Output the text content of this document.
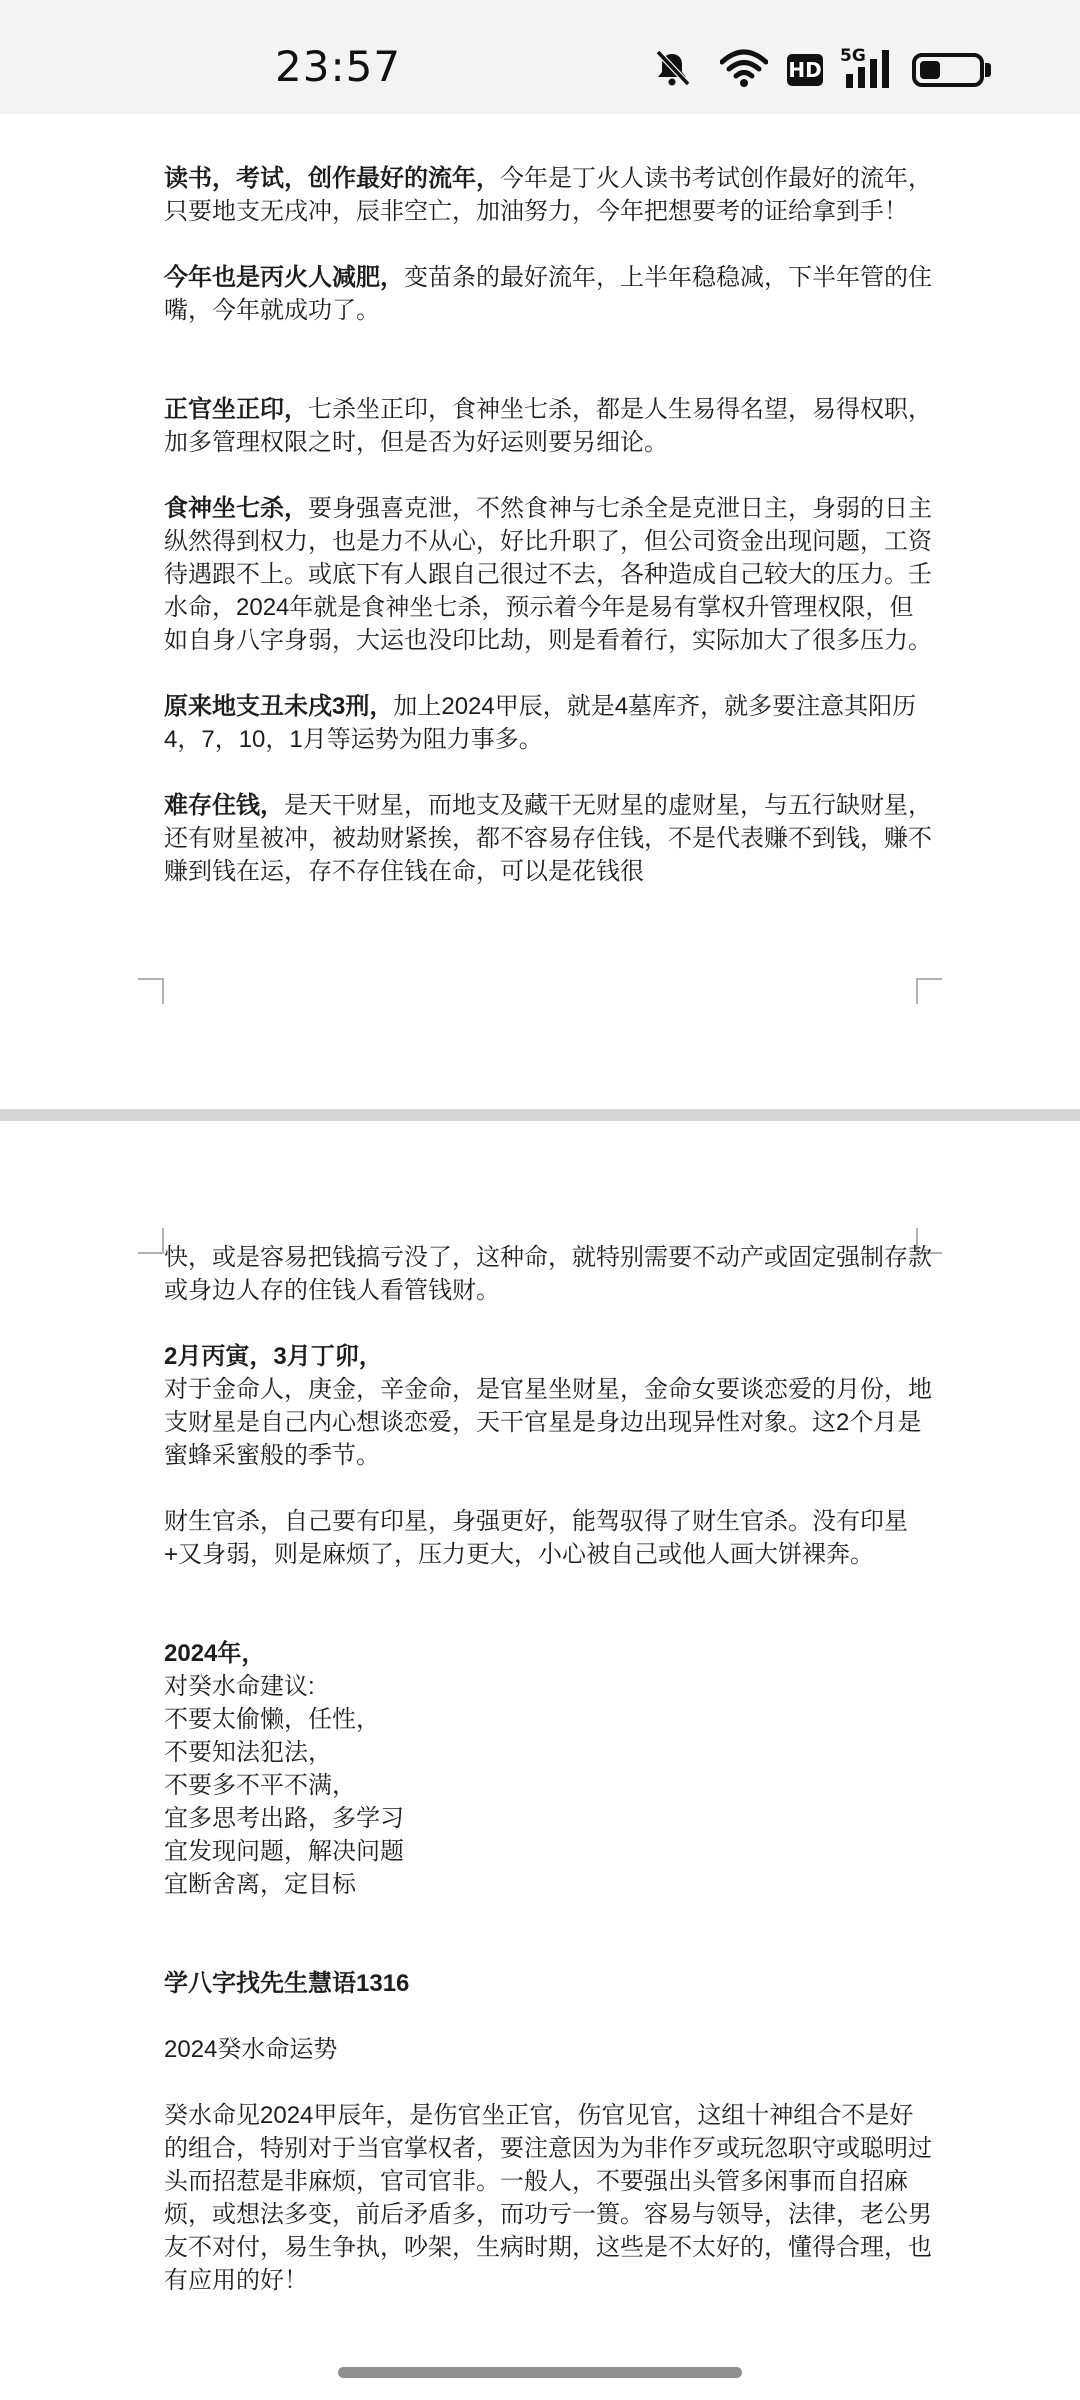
23:57	HD
5G

读书，考试，创作最好的流年，今年是丁火人读书考试创作最好的流年，只要地支无戌冲，辰非空亡，加油努力，今年把想要考的证给拿到手！

今年也是丙火人减肥，变苗条的最好流年，上半年稳稳减，下半年管的住嘴，今年就成功了。

正官坐正印，七杀坐正印，食神坐七杀，都是人生易得名望，易得权职，加多管理权限之时，但是否为好运则要另细论。

食神坐七杀，要身强喜克泄，不然食神与七杀全是克泄日主，身弱的日主纵然得到权力，也是力不从心，好比升职了，但公司资金出现问题，工资待遇跟不上。或底下有人跟自己很过不去，各种造成自己较大的压力。壬水命，2024年就是食神坐七杀，预示着今年是易有掌权升管理权限，但如自身八字身弱，大运也没印比劫，则是看着行，实际加大了很多压力。

原来地支丑未戌3刑，加上2024甲辰，就是4墓库齐，就多要注意其阳历4，7，10，1月等运势为阻力事多。

难存住钱，是天干财星，而地支及藏干无财星的虚财星，与五行缺财星，还有财星被冲，被劫财紧挨，都不容易存住钱，不是代表赚不到钱，赚不赚到钱在运，存不存住钱在命，可以是花钱很

快，或是容易把钱搞亏没了，这种命，就特别需要不动产或固定强制存款或身边人存的住钱人看管钱财。

2月丙寅，3月丁卯，
对于金命人，庚金，辛金命，是官星坐财星，金命女要谈恋爱的月份，地支财星是自己内心想谈恋爱，天干官星是身边出现异性对象。这2个月是蜜蜂采蜜般的季节。

财生官杀，自己要有印星，身强更好，能驾驭得了财生官杀。没有印星+又身弱，则是麻烦了，压力更大，小心被自己或他人画大饼裸奔。

2024年，
对癸水命建议:
不要太偷懒，任性，
不要知法犯法，
不要多不平不满，
宜多思考出路，多学习
宜发现问题，解决问题
宜断舍离，定目标

学八字找先生慧语1316

2024癸水命运势

癸水命见2024甲辰年，是伤官坐正官，伤官见官，这组十神组合不是好的组合，特别对于当官掌权者，要注意因为为非作歹或玩忽职守或聪明过头而招惹是非麻烦，官司官非。一般人，不要强出头管多闲事而自招麻烦，或想法多变，前后矛盾多，而功亏一篑。容易与领导，法律，老公男友不对付，易生争执，吵架，生病时期，这些是不太好的，懂得合理，也有应用的好！
